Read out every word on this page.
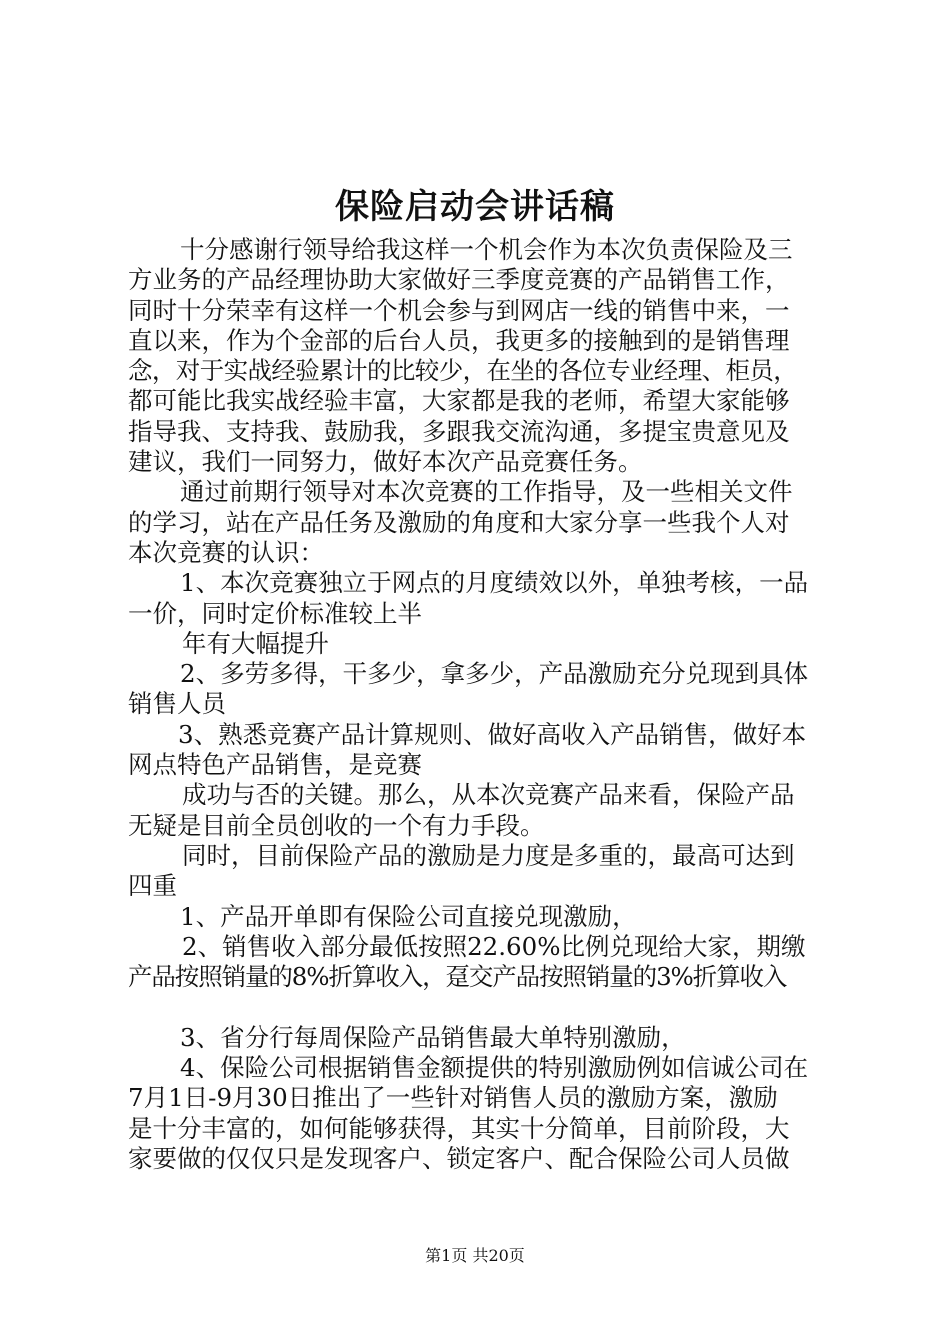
保险启动会讲话稿
十分感谢行领导给我这样一个机会作为本次负责保险及三
方业务的产品经理协助大家做好三季度竞赛的产品销售工作，
同时十分荣幸有这样一个机会参与到网店一线的销售中来，一
直以来，作为个金部的后台人员，我更多的接触到的是销售理
念，对于实战经验累计的比较少，在坐的各位专业经理、柜员，
都可能比我实战经验丰富，大家都是我的老师，希望大家能够
指导我、支持我、鼓励我，多跟我交流沟通，多提宝贵意见及
建议，我们一同努力，做好本次产品竞赛任务。
通过前期行领导对本次竞赛的工作指导，及一些相关文件
的学习，站在产品任务及激励的角度和大家分享一些我个人对
本次竞赛的认识：
1、本次竞赛独立于网点的月度绩效以外，单独考核，一品
一价，同时定价标准较上半
年有大幅提升
2、多劳多得，干多少，拿多少，产品激励充分兑现到具体
销售人员
3、熟悉竞赛产品计算规则、做好高收入产品销售，做好本
网点特色产品销售，是竞赛
成功与否的关键。那么，从本次竞赛产品来看，保险产品
无疑是目前全员创收的一个有力手段。
同时，目前保险产品的激励是力度是多重的，最高可达到
四重
1、产品开单即有保险公司直接兑现激励，
2、销售收入部分最低按照22.60%比例兑现给大家，期缴
产品按照销量的8%折算收入，趸交产品按照销量的3%折算收入
3、省分行每周保险产品销售最大单特别激励，
4、保险公司根据销售金额提供的特别激励例如信诚公司在
7月1日-9月30日推出了一些针对销售人员的激励方案，激励
是十分丰富的，如何能够获得，其实十分简单，目前阶段，大
家要做的仅仅只是发现客户、锁定客户、配合保险公司人员做
第1页 共20页
